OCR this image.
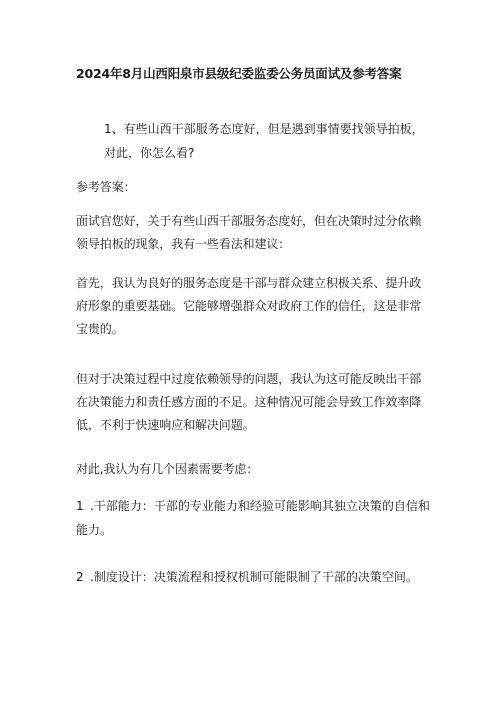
2024年8月山西阳泉市县级纪委监委公务员面试及参考答案

1、有些山西干部服务态度好，但是遇到事情要找领导拍板，
对此，你怎么看?

参考答案：

面试官您好，关于有些山西干部服务态度好，但在决策时过分依赖领导拍板的现象，我有一些看法和建议：

首先，我认为良好的服务态度是干部与群众建立积极关系、提升政府形象的重要基础。它能够增强群众对政府工作的信任，这是非常宝贵的。

但对于决策过程中过度依赖领导的问题，我认为这可能反映出干部在决策能力和责任感方面的不足。这种情况可能会导致工作效率降低，不利于快速响应和解决问题。

对此,我认为有几个因素需要考虑：

1 .干部能力：干部的专业能力和经验可能影响其独立决策的自信和能力。

2 .制度设计：决策流程和授权机制可能限制了干部的决策空间。
